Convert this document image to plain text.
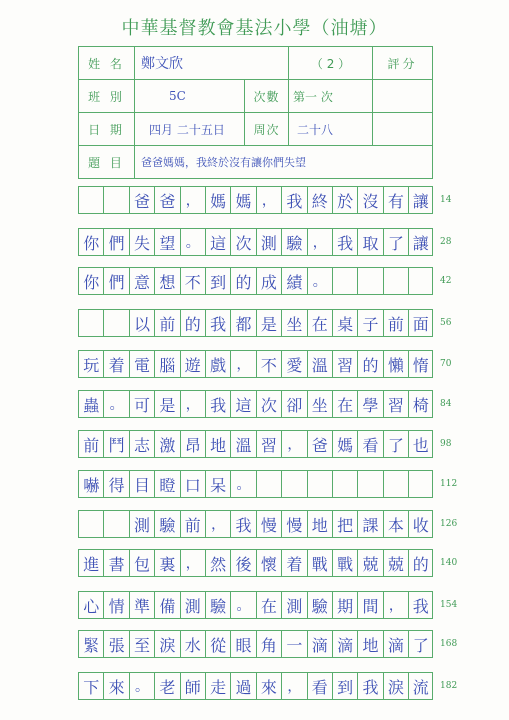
中華基督教會基法小學（油塘）
姓 名	鄭文欣		（ 2 ）	評分
班 別	5C	次數	第一 次	
日 期	四月 二十五日	周次	二十八	
題 目	爸爸媽媽，我終於沒有讓你們失望			
爸 爸 ， 媽 媽 ， 我 終 於 沒 有 讓	14
你 們 失 望 。 這 次 測 驗 ， 我 取 了 讓	28
你 們 意 想 不 到 的 成 績 。	42
以 前 的 我 都 是 坐 在 桌 子 前 面	56
玩 着 電 腦 遊 戲 ， 不 愛 溫 習 的 懶 惰	70
蟲 。 可 是 ， 我 這 次 卻 坐 在 學 習 椅	84
前 鬥 志 激 昂 地 溫 習 ， 爸 媽 看 了 也	98
嚇 得 目 瞪 口 呆 。	112
測 驗 前 ， 我 慢 慢 地 把 課 本 收	126
進 書 包 裏 ， 然 後 懷 着 戰 戰 兢 兢 的	140
心 情 準 備 測 驗 。 在 測 驗 期 間 ， 我	154
緊 張 至 淚 水 從 眼 角 一 滴 滴 地 滴 了	168
下 來 。 老 師 走 過 來 ， 看 到 我 淚 流	182
